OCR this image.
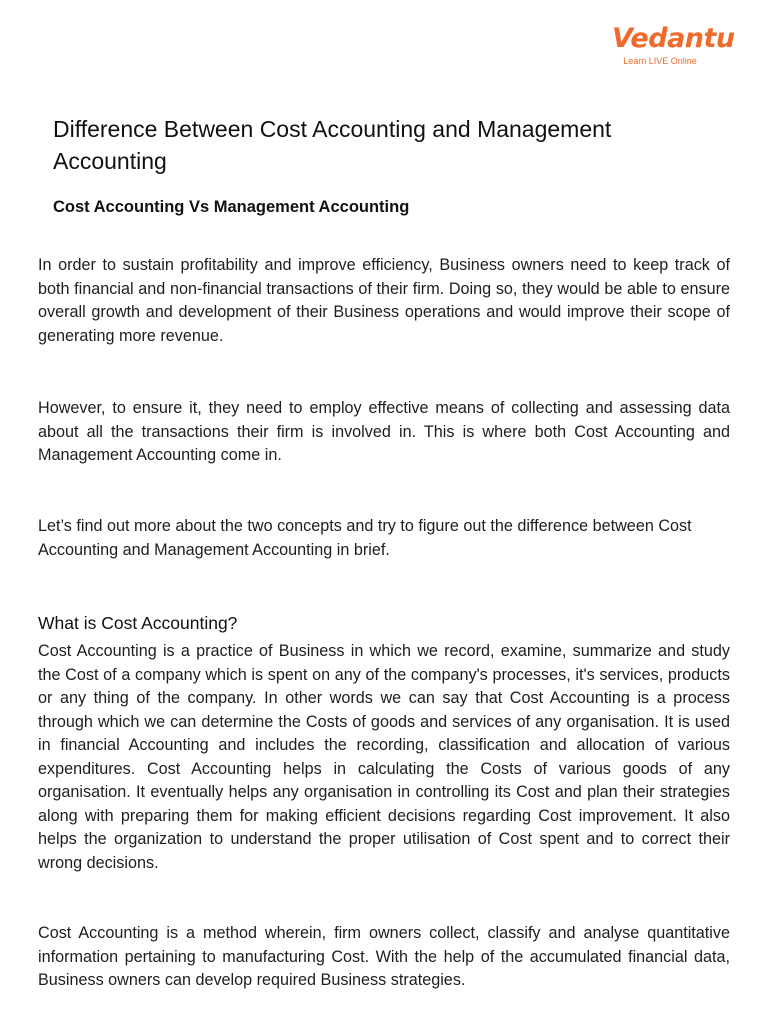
Vedantu
Learn LIVE Online
Difference Between Cost Accounting and Management Accounting
Cost Accounting Vs Management Accounting

In order to sustain profitability and improve efficiency, Business owners need to keep track of both financial and non-financial transactions of their firm. Doing so, they would be able to ensure overall growth and development of their Business operations and would improve their scope of generating more revenue.

However, to ensure it, they need to employ effective means of collecting and assessing data about all the transactions their firm is involved in. This is where both Cost Accounting and Management Accounting come in.

Let’s find out more about the two concepts and try to figure out the difference between Cost Accounting and Management Accounting in brief.

What is Cost Accounting?

Cost Accounting is a practice of Business in which we record, examine, summarize and study the Cost of a company which is spent on any of the company's processes, it's services, products or any thing of the company. In other words we can say that Cost Accounting is a process through which we can determine the Costs of goods and services of any organisation. It is used in financial Accounting and includes the recording, classification and allocation of various expenditures. Cost Accounting helps in calculating the Costs of various goods of any organisation. It eventually helps any organisation in controlling its Cost and plan their strategies along with preparing them for making efficient decisions regarding Cost improvement. It also helps the organization to understand the proper utilisation of Cost spent and to correct their wrong decisions.

Cost Accounting is a method wherein, firm owners collect, classify and analyse quantitative information pertaining to manufacturing Cost. With the help of the accumulated financial data, Business owners can develop required Business strategies.
